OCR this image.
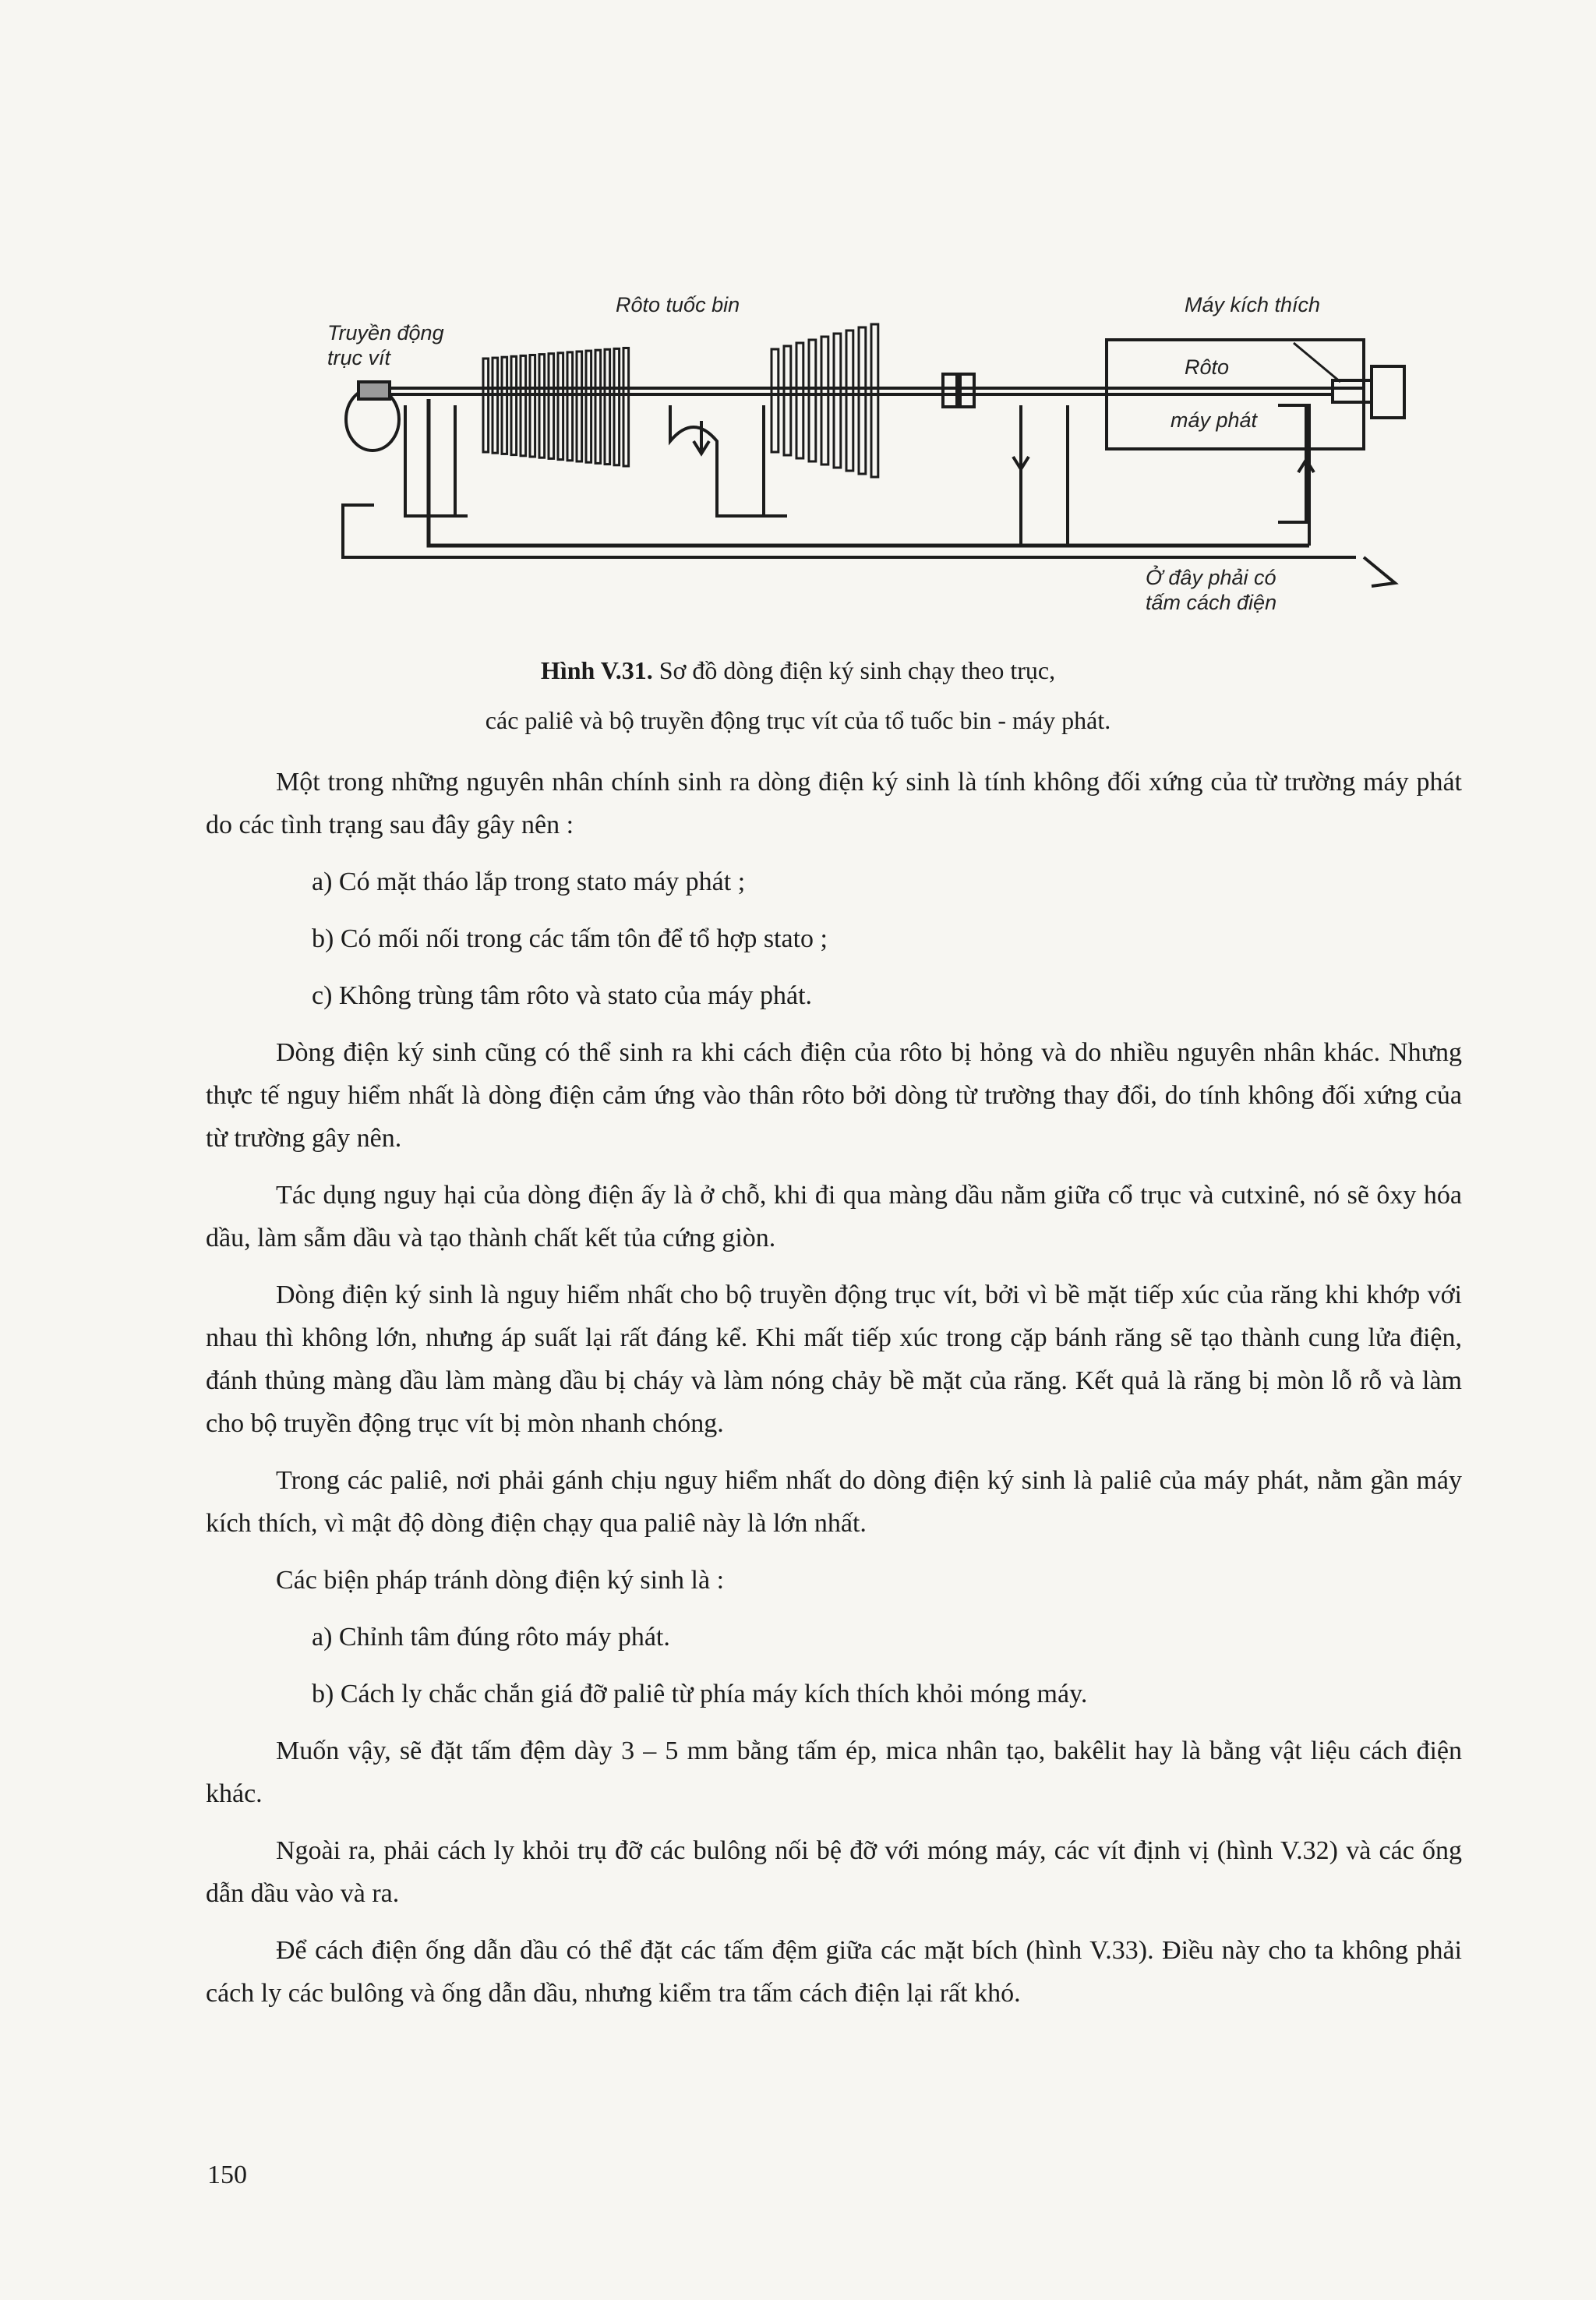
Truyền động
trục vít
Rôto tuốc bin	Máy kích thích
Rôto
máy phát
Ở đây phải có
tấm cách điện
Hình V.31. Sơ đồ dòng điện ký sinh chạy theo trục,
các paliê và bộ truyền động trục vít của tổ tuốc bin - máy phát.

Một trong những nguyên nhân chính sinh ra dòng điện ký sinh là tính không đối xứng của từ trường máy phát do các tình trạng sau đây gây nên :

a) Có mặt tháo lắp trong stato máy phát ;

b) Có mối nối trong các tấm tôn để tổ hợp stato ;

c) Không trùng tâm rôto và stato của máy phát.

Dòng điện ký sinh cũng có thể sinh ra khi cách điện của rôto bị hỏng và do nhiều nguyên nhân khác. Nhưng thực tế nguy hiểm nhất là dòng điện cảm ứng vào thân rôto bởi dòng từ trường thay đổi, do tính không đối xứng của từ trường gây nên.

Tác dụng nguy hại của dòng điện ấy là ở chỗ, khi đi qua màng dầu nằm giữa cổ trục và cutxinê, nó sẽ ôxy hóa dầu, làm sẫm dầu và tạo thành chất kết tủa cứng giòn.

Dòng điện ký sinh là nguy hiểm nhất cho bộ truyền động trục vít, bởi vì bề mặt tiếp xúc của răng khi khớp với nhau thì không lớn, nhưng áp suất lại rất đáng kể. Khi mất tiếp xúc trong cặp bánh răng sẽ tạo thành cung lửa điện, đánh thủng màng dầu làm màng dầu bị cháy và làm nóng chảy bề mặt của răng. Kết quả là răng bị mòn lỗ rỗ và làm cho bộ truyền động trục vít bị mòn nhanh chóng.

Trong các paliê, nơi phải gánh chịu nguy hiểm nhất do dòng điện ký sinh là paliê của máy phát, nằm gần máy kích thích, vì mật độ dòng điện chạy qua paliê này là lớn nhất.

Các biện pháp tránh dòng điện ký sinh là :

a) Chỉnh tâm đúng rôto máy phát.

b) Cách ly chắc chắn giá đỡ paliê từ phía máy kích thích khỏi móng máy.

Muốn vậy, sẽ đặt tấm đệm dày 3 – 5 mm bằng tấm ép, mica nhân tạo, bakêlit hay là bằng vật liệu cách điện khác.

Ngoài ra, phải cách ly khỏi trụ đỡ các bulông nối bệ đỡ với móng máy, các vít định vị (hình V.32) và các ống dẫn dầu vào và ra.

Để cách điện ống dẫn dầu có thể đặt các tấm đệm giữa các mặt bích (hình V.33). Điều này cho ta không phải cách ly các bulông và ống dẫn dầu, nhưng kiểm tra tấm cách điện lại rất khó.

150
